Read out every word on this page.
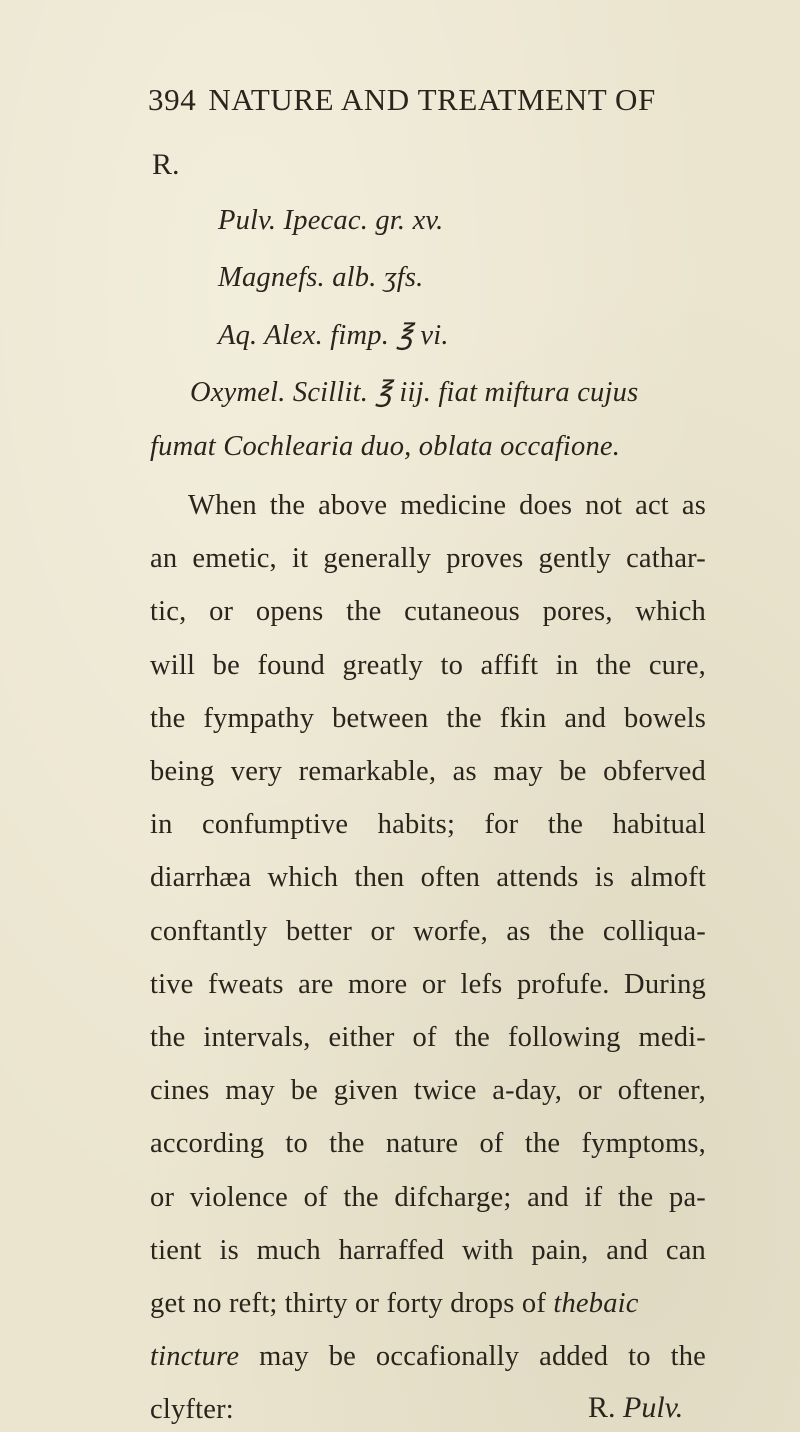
394 NATURE AND TREATMENT OF
R.
Pulv. Ipecac. gr. xv.
Magnefs. alb. ʒfs.
Aq. Alex. fimp. ℥ vi.
Oxymel. Scillit. ℥ iij. fiat miftura cujus
fumat Cochlearia duo, oblata occafione.
When the above medicine does not act as
an emetic, it generally proves gently cathar-
tic, or opens the cutaneous pores, which
will be found greatly to affift in the cure,
the fympathy between the fkin and bowels
being very remarkable, as may be obferved
in confumptive habits; for the habitual
diarrhæa which then often attends is almoft
conftantly better or worfe, as the colliqua-
tive fweats are more or lefs profufe. During
the intervals, either of the following medi-
cines may be given twice a-day, or oftener,
according to the nature of the fymptoms,
or violence of the difcharge; and if the pa-
tient is much harraffed with pain, and can
get no reft; thirty or forty drops of thebaic
tincture may be occafionally added to the
clyfter:	R. Pulv.
